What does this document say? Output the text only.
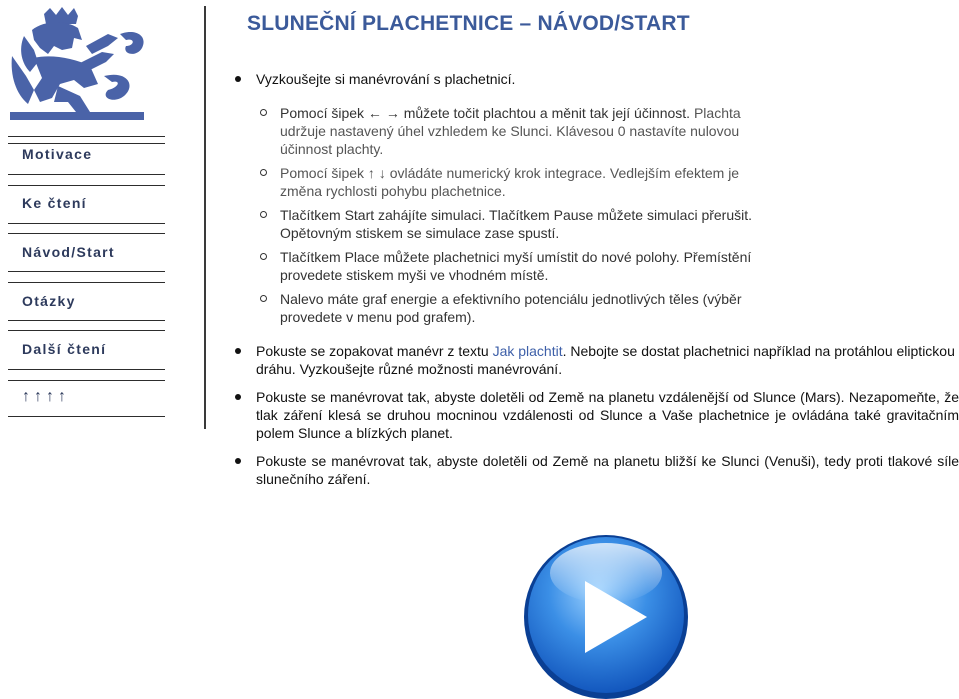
Motivace
Ke čtení
Návod/Start
Otázky
Další čtení
↑↑↑↑
SLUNEČNÍ PLACHETNICE – NÁVOD/START
Vyzkoušejte si manévrování s plachetnicí.
Pomocí šipek ← → můžete točit plachtou a měnit tak její účinnost. Plachta udržuje nastavený úhel vzhledem ke Slunci. Klávesou 0 nastavíte nulovou účinnost plachty.
Pomocí šipek ↑ ↓ ovládáte numerický krok integrace. Vedlejším efektem je změna rychlosti pohybu plachetnice.
Tlačítkem Start zahájíte simulaci. Tlačítkem Pause můžete simulaci přerušit. Opětovným stiskem se simulace zase spustí.
Tlačítkem Place můžete plachetnici myší umístit do nové polohy. Přemístění provedete stiskem myši ve vhodném místě.
Nalevo máte graf energie a efektivního potenciálu jednotlivých těles (výběr provedete v menu pod grafem).
Pokuste se zopakovat manévr z textu Jak plachtit. Nebojte se dostat plachetnici například na protáhlou eliptickou dráhu. Vyzkoušejte různé možnosti manévrování.
Pokuste se manévrovat tak, abyste doletěli od Země na planetu vzdálenější od Slunce (Mars). Nezapomeňte, že tlak záření klesá se druhou mocninou vzdálenosti od Slunce a Vaše plachetnice je ovládána také gravitačním polem Slunce a blízkých planet.
Pokuste se manévrovat tak, abyste doletěli od Země na planetu bližší ke Slunci (Venuši), tedy proti tlakové síle slunečního záření.
